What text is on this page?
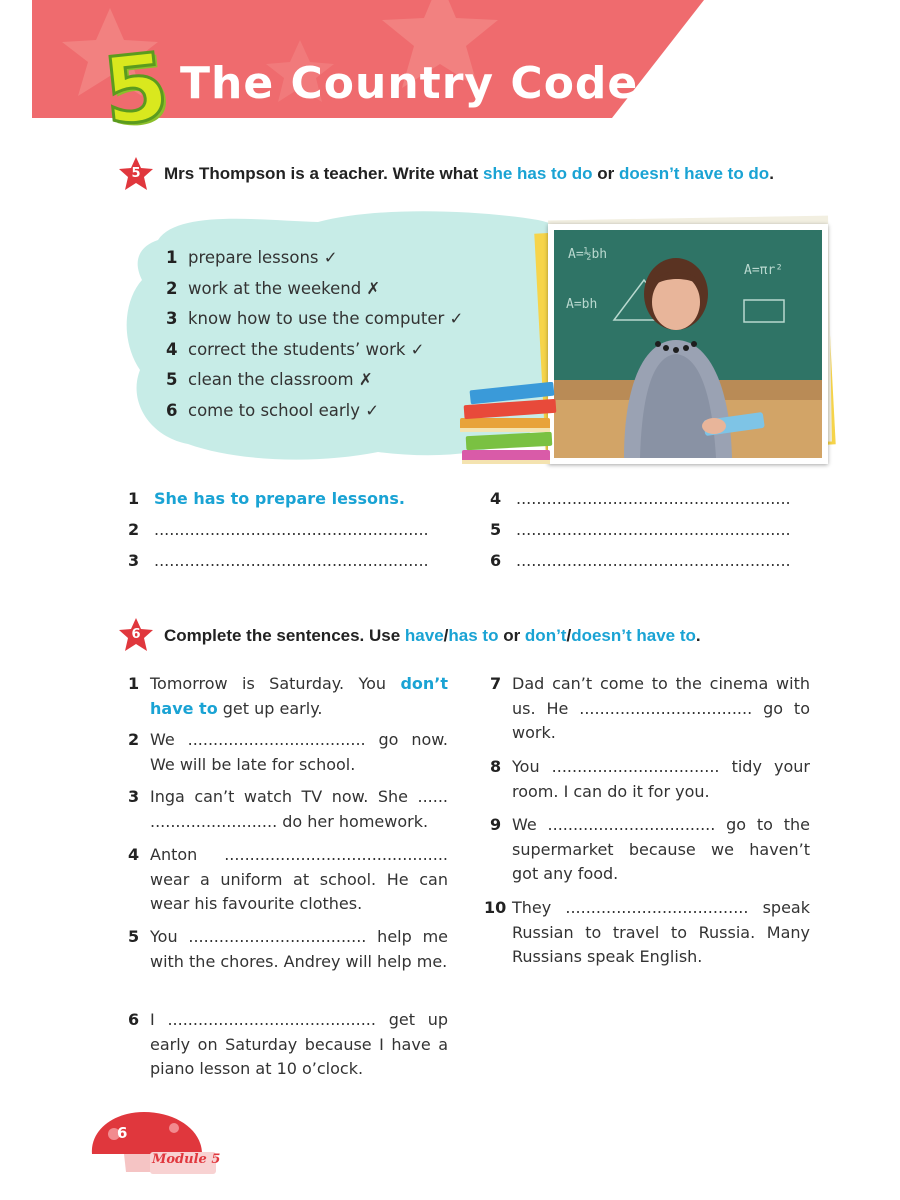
5 The Country Code
5	Mrs Thompson is a teacher. Write what she has to do or doesn’t have to do.
1 prepare lessons ✓
2 work at the weekend ✗
3 know how to use the computer ✓
4 correct the students’ work ✓
5 clean the classroom ✗
6 come to school early ✓
A=½bh
A=bh
A=πr²
1 She has to prepare lessons.
2 ......................................................
3 ......................................................
4 ......................................................
5 ......................................................
6 ......................................................
6	Complete the sentences. Use have/has to or don’t/doesn’t have to.
1 Tomorrow is Saturday. You don’t have to get up early.
2 We ................................... go now. We will be late for school.
3 Inga can’t watch TV now. She ...... ......................... do her homework.
4 Anton ............................................ wear a uniform at school. He can wear his favourite clothes.
5 You ................................... help me with the chores. Andrey will help me.
6 I ......................................... get up early on Saturday because I have a piano lesson at 10 o’clock.
7 Dad can’t come to the cinema with us. He .................................. go to work.
8 You ................................. tidy your room. I can do it for you.
9 We ................................. go to the supermarket because we haven’t got any food.
10 They .................................... speak Russian to travel to Russia. Many Russians speak English.
6
Module 5
